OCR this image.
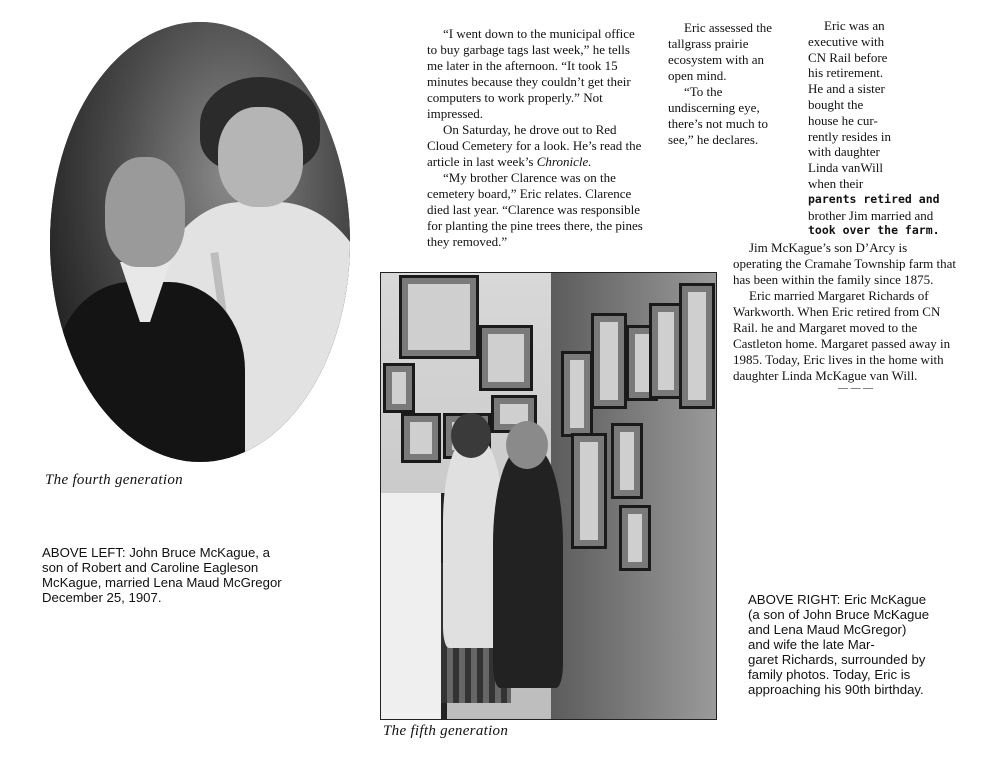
“I went down to the municipal office to buy garbage tags last week,” he tells me later in the afternoon. “It took 15 minutes because they couldn’t get their computers to work properly.” Not impressed.

On Saturday, he drove out to Red Cloud Cemetery for a look. He’s read the article in last week’s Chronicle.

“My brother Clarence was on the cemetery board,” Eric relates. Clarence died last year. “Clarence was responsible for planting the pine trees there, the pines they removed.”

Eric assessed the tallgrass prairie ecosystem with an open mind.

“To the undiscerning eye, there’s not much to see,” he declares.

Eric was an
executive with
CN Rail before
his retirement.
He and a sister
bought the
house he cur-
rently resides in
with daughter
Linda vanWill
when their
parents retired and
brother Jim married and
took over the farm.

Jim McKague’s son D’Arcy is operating the Cramahe Township farm that has been within the family since 1875.

Eric married Margaret Richards of Warkworth. When Eric retired from CN Rail. he and Margaret moved to the Castleton home. Margaret passed away in 1985. Today, Eric lives in the home with daughter Linda McKague van Will.

— — —
The fourth generation
ABOVE LEFT: John Bruce McKague, a son of Robert and Caroline Eagleson McKague, married Lena Maud McGregor December 25, 1907.
The fifth generation
ABOVE RIGHT: Eric McKague
(a son of John Bruce McKague
and Lena Maud McGregor)
and wife the late Mar-
garet Richards, surrounded by
family photos. Today, Eric is
approaching his 90th birthday.
